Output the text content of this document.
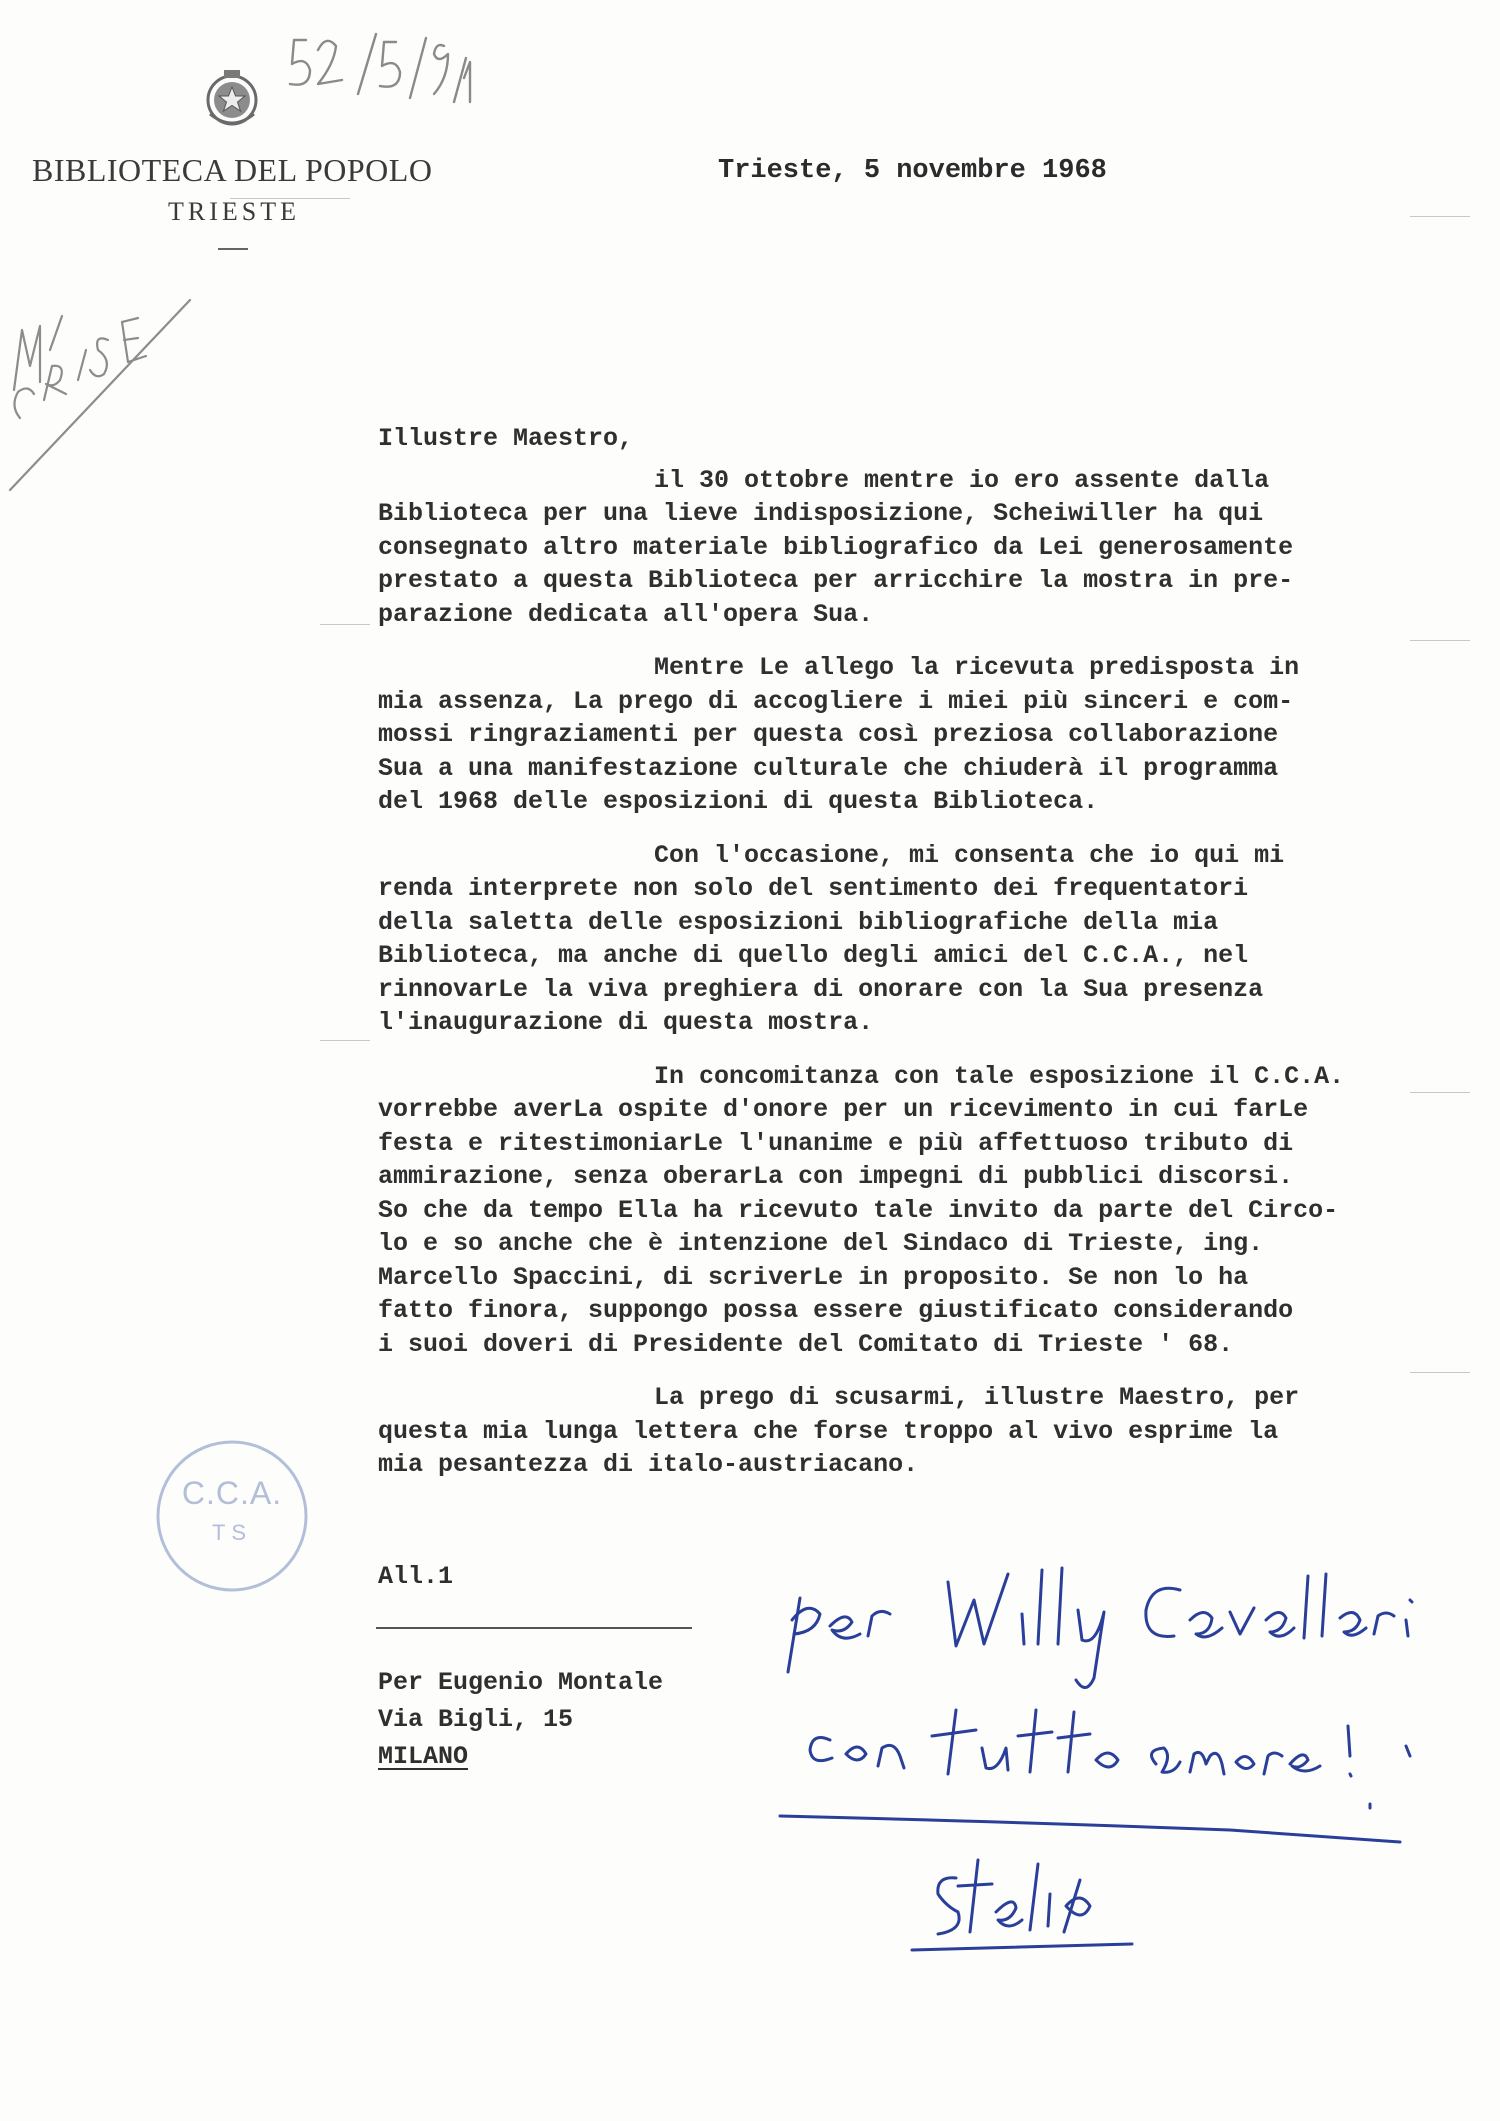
BIBLIOTECA DEL POPOLO
TRIESTE
Trieste, 5 novembre 1968
Illustre Maestro,
il 30 ottobre mentre io ero assente dalla
Biblioteca per una lieve indisposizione, Scheiwiller ha qui
consegnato altro materiale bibliografico da Lei generosamente
prestato a questa Biblioteca per arricchire la mostra in pre-
parazione dedicata all'opera Sua.
Mentre Le allego la ricevuta predisposta in
mia assenza, La prego di accogliere i miei più sinceri e com-
mossi ringraziamenti per questa così preziosa collaborazione
Sua a una manifestazione culturale che chiuderà il programma
del 1968 delle esposizioni di questa Biblioteca.
Con l'occasione, mi consenta che io qui mi
renda interprete non solo del sentimento dei frequentatori
della saletta delle esposizioni bibliografiche della mia
Biblioteca, ma anche di quello degli amici del C.C.A., nel
rinnovarLe la viva preghiera di onorare con la Sua presenza
l'inaugurazione di questa mostra.
In concomitanza con tale esposizione il C.C.A.
vorrebbe averLa ospite d'onore per un ricevimento in cui farLe
festa e ritestimoniarLe l'unanime e più affettuoso tributo di
ammirazione, senza oberarLa con impegni di pubblici discorsi.
So che da tempo Ella ha ricevuto tale invito da parte del Circo-
lo e so anche che è intenzione del Sindaco di Trieste, ing.
Marcello Spaccini, di scriverLe in proposito. Se non lo ha
fatto finora, suppongo possa essere giustificato considerando
i suoi doveri di Presidente del Comitato di Trieste ' 68.
La prego di scusarmi, illustre Maestro, per
questa mia lunga lettera che forse troppo al vivo esprime la
mia pesantezza di italo-austriacano.
C.C.A.
TS
All.1
Per Eugenio Montale
Via Bigli, 15
MILANO
